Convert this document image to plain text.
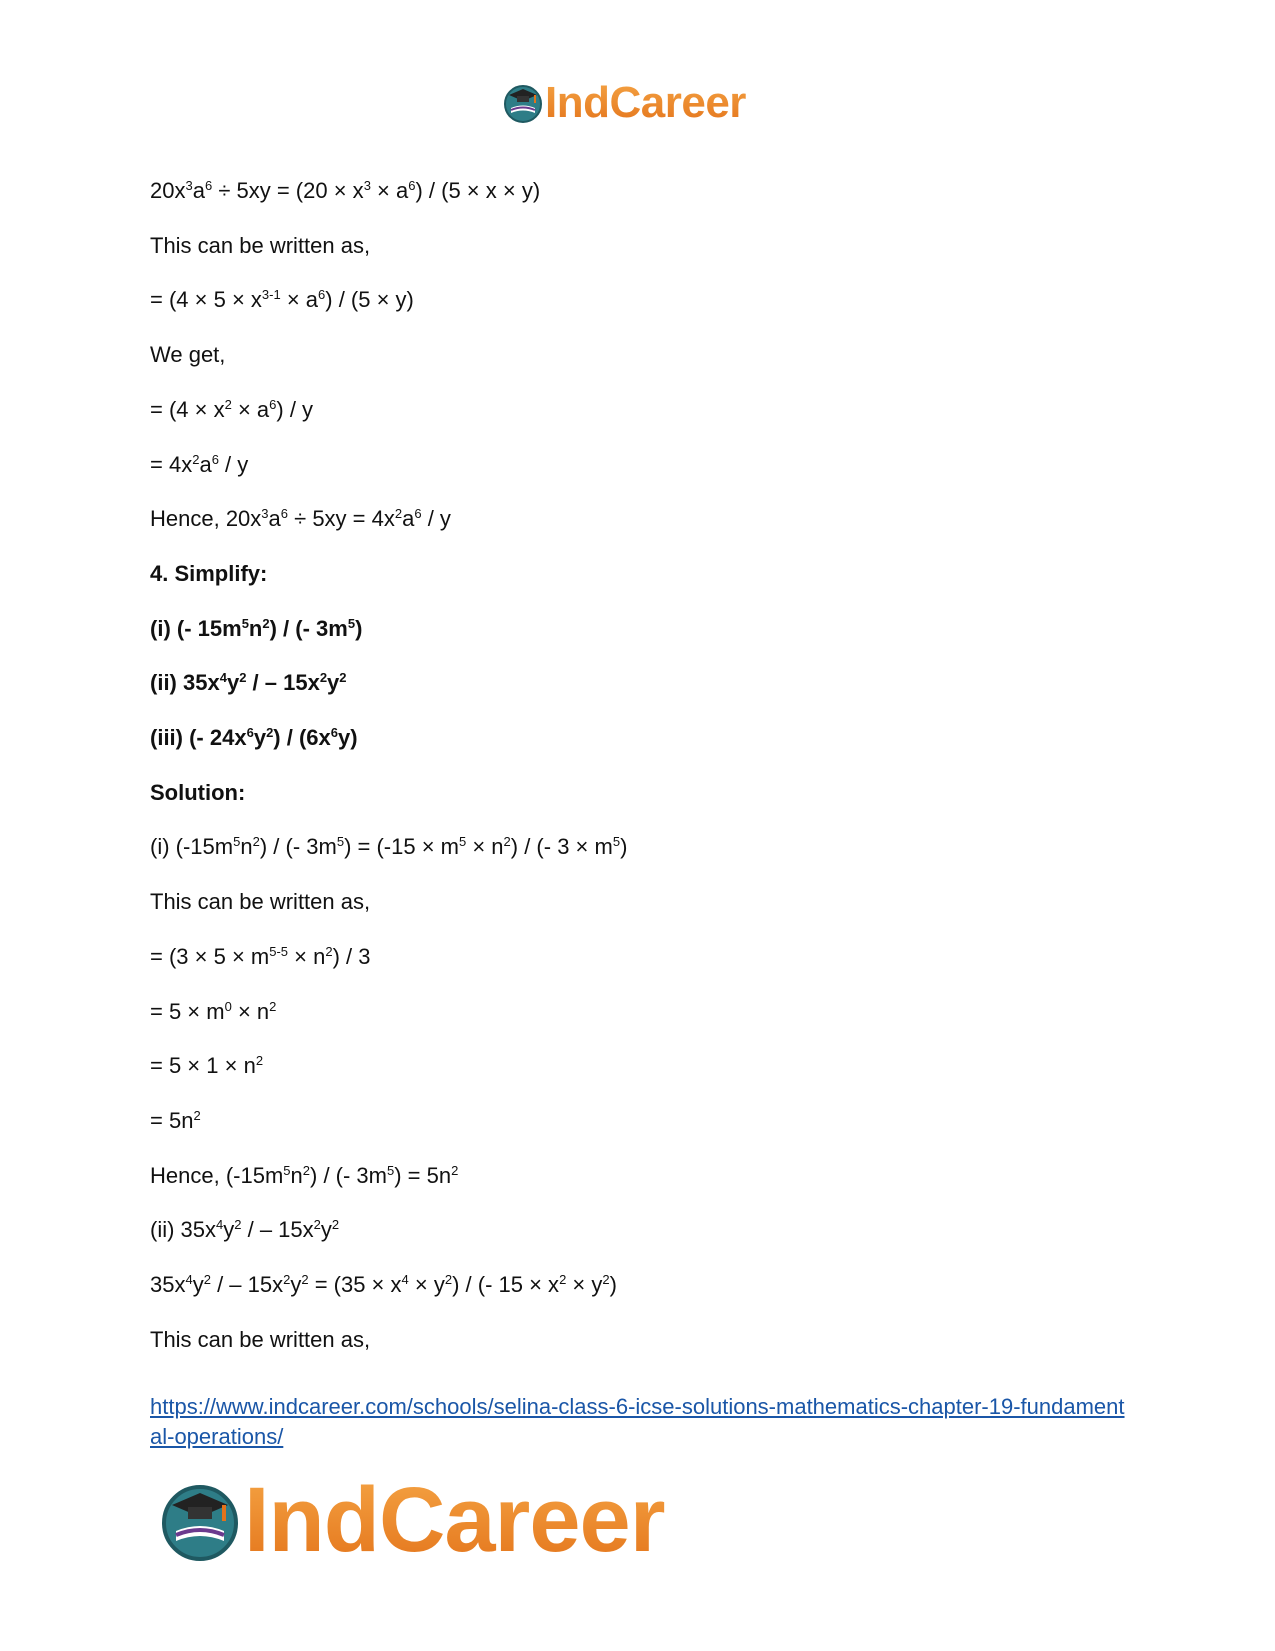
IndCareer
$20x^3a^6 \div 5xy = (20 \times x^3 \times a^6) / (5 \times x \times y)$
This can be written as,
= $(4 \times 5 \times x^{3-1} \times a^6) / (5 \times y)$
We get,
= $(4 \times x^2 \times a^6) / y$
= $4x^2a^6$ / y
Hence, $20x^3a^6 \div 5xy = 4x^2a^6 / y$
4. Simplify:
(i) (- $15m^5n^2$) / (- $3m^5$)
(ii) $35x^4y^2$ / – $15x^2y^2$
(iii) (- $24x^6y^2) / (6x^6y)$
Solution:
(i) $(-15m^5n^2)$ / (- $3m^5) = (-15 \times m^5 \times n^2)$ / (- $3 \times m^5$)
This can be written as,
= $(3 \times 5 \times m^{5-5} \times n^2) / 3$
= $5 \times m^0 \times n^2$
= $5 \times 1 \times n^2$
= $5n^2$
Hence, $(-15m^5n^2)$ / (- $3m^5) = 5n^2$
(ii) $35x^4y^2$ / – $15x^2y^2$
$35x^4y^2$ / – $15x^2y^2 = (35 \times x^4 \times y^2)$ / (- $15 \times x^2 \times y^2$)
This can be written as,
https://www.indcareer.com/schools/selina-class-6-icse-solutions-mathematics-chapter-19-fundamental-operations/
IndCareer
